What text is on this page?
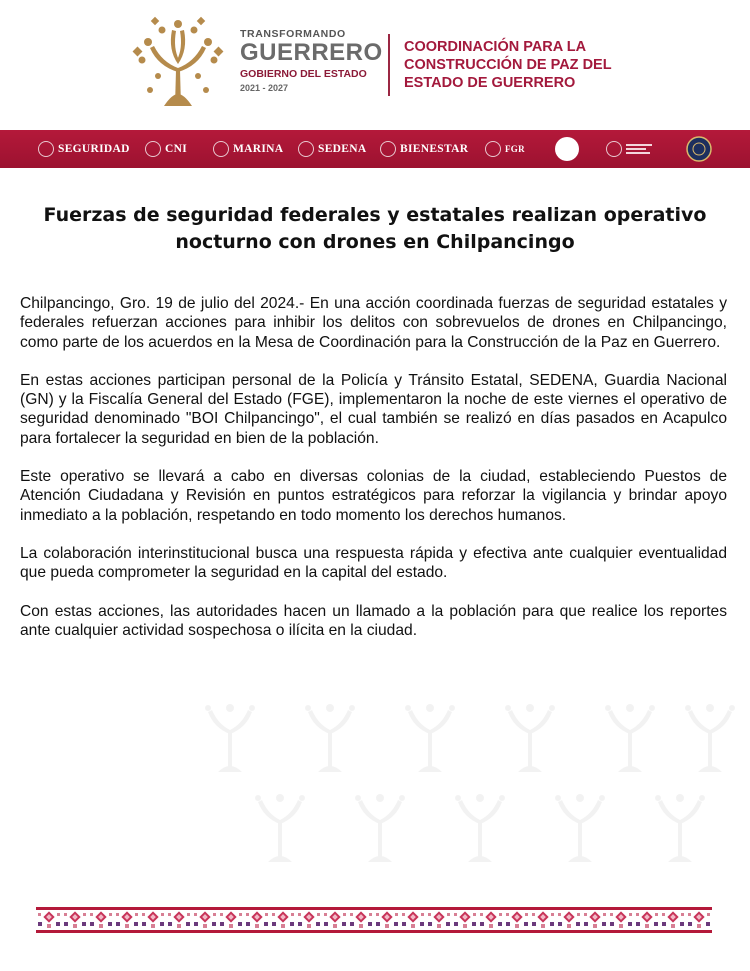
TRANSFORMANDO
GUERRERO
GOBIERNO DEL ESTADO
2021 - 2027
COORDINACIÓN PARA LA CONSTRUCCIÓN DE PAZ DEL ESTADO DE GUERRERO
SEGURIDAD	CNI	MARINA	SEDENA	BIENESTAR	FGR
Fuerzas de seguridad federales y estatales realizan operativo nocturno con drones en Chilpancingo

Chilpancingo, Gro. 19 de julio del 2024.- En una acción coordinada fuerzas de seguridad estatales y federales refuerzan acciones para inhibir los delitos con sobrevuelos de drones en Chilpancingo, como parte de los acuerdos en la Mesa de Coordinación para la Construcción de la Paz en Guerrero.

En estas acciones participan personal de la Policía y Tránsito Estatal, SEDENA, Guardia Nacional (GN) y la Fiscalía General del Estado (FGE), implementaron la noche de este viernes el operativo de seguridad denominado "BOI Chilpancingo", el cual también se realizó en días pasados en Acapulco para fortalecer la seguridad en bien de la población.

Este operativo se llevará a cabo en diversas colonias de la ciudad, estableciendo Puestos de Atención Ciudadana y Revisión en puntos estratégicos para reforzar la vigilancia y brindar apoyo inmediato a la población, respetando en todo momento los derechos humanos.

La colaboración interinstitucional busca una respuesta rápida y efectiva ante cualquier eventualidad que pueda comprometer la seguridad en la capital del estado.

Con estas acciones, las autoridades hacen un llamado a la población para que realice los reportes ante cualquier actividad sospechosa o ilícita en la ciudad.
